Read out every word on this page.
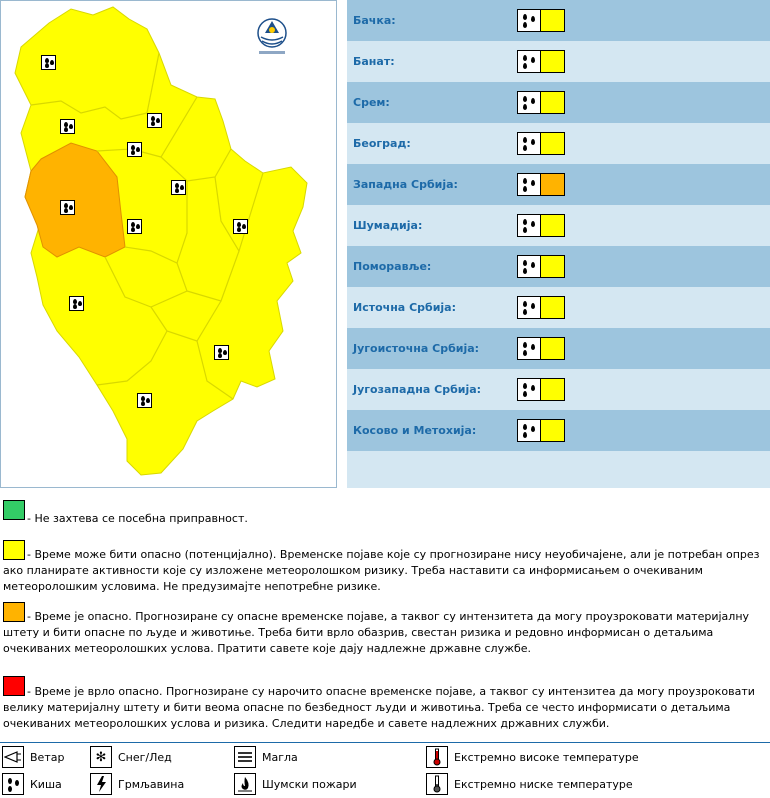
Бачка:
Банат:
Срем:
Београд:
Западна Србија:
Шумадија:
Поморавље:
Источна Србија:
Југоисточна Србија:
Југозападна Србија:
Косово и Метохија:
- Не захтева се посебна приправност.
- Време може бити опасно (потенцијално). Временске појаве које су прогнозиране нису неуобичајене, али је потребан опрез ако планирате активности које су изложене метеоролошком ризику. Треба наставити са информисањем о очекиваним метеоролошким условима. Не предузимајте непотребне ризике.
- Време је опасно. Прогнозиране су опасне временске појаве, а таквог су интензитета да могу проузроковати материјалну штету и бити опасне по људе и животиње. Треба бити врло обазрив, свестан ризика и редовно информисан о детаљима очекиваних метеоролошких услова. Пратити савете које дају надлежне државне службе.
- Време је врло опасно. Прогнозиране су нарочито опасне временске појаве, а таквог су интензитеа да могу проузроковати велику материјалну штету и бити веома опасне по безбедност људи и животиња. Треба се често информисати о детаљима очекиваних метеоролошких услова и ризика. Следити наредбе и савете надлежних државних служби.
Ветар	✻	Снег/Лед	Магла	Екстремно високе температуре
Киша	Грмљавина	Шумски пожари	Екстремно ниске температуре
